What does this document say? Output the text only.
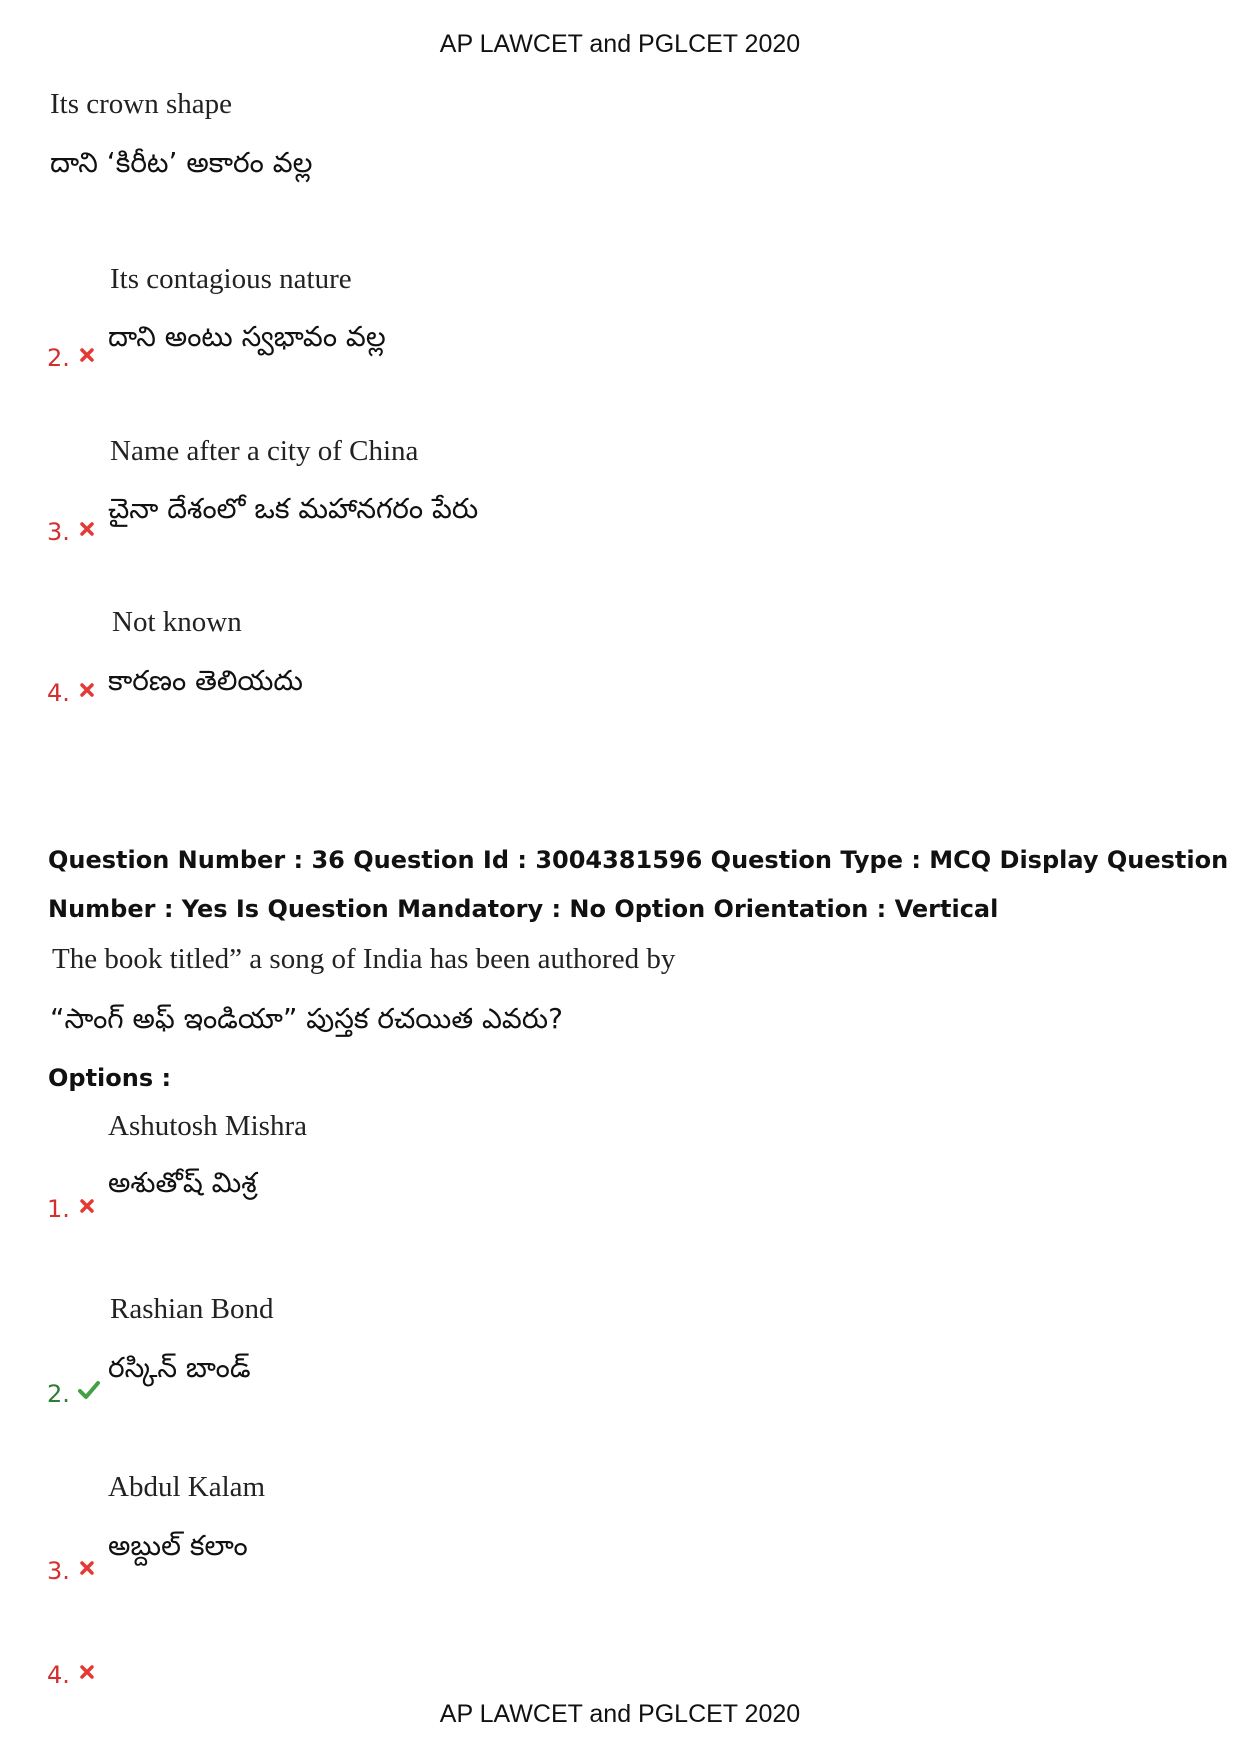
AP LAWCET and PGLCET 2020
Its crown shape
దాని ‘కిరీట’ అకారం వల్ల
Its contagious nature
దాని అంటు స్వభావం వల్ల
2.
Name after a city of China
చైనా దేశంలో ఒక మహానగరం పేరు
3.
Not known
కారణం తెలియదు
4.
Question Number : 36 Question Id : 3004381596 Question Type : MCQ Display Question
Number : Yes Is Question Mandatory : No Option Orientation : Vertical
The book titled” a song of India has been authored by
“సాంగ్ అఫ్ ఇండియా” పుస్తక రచయిత ఎవరు?
Options :
Ashutosh Mishra
అశుతోష్ మిశ్ర
1.
Rashian Bond
రస్కిన్ బాండ్
2.
Abdul Kalam
అబ్దుల్ కలాం
3.
4.
AP LAWCET and PGLCET 2020
